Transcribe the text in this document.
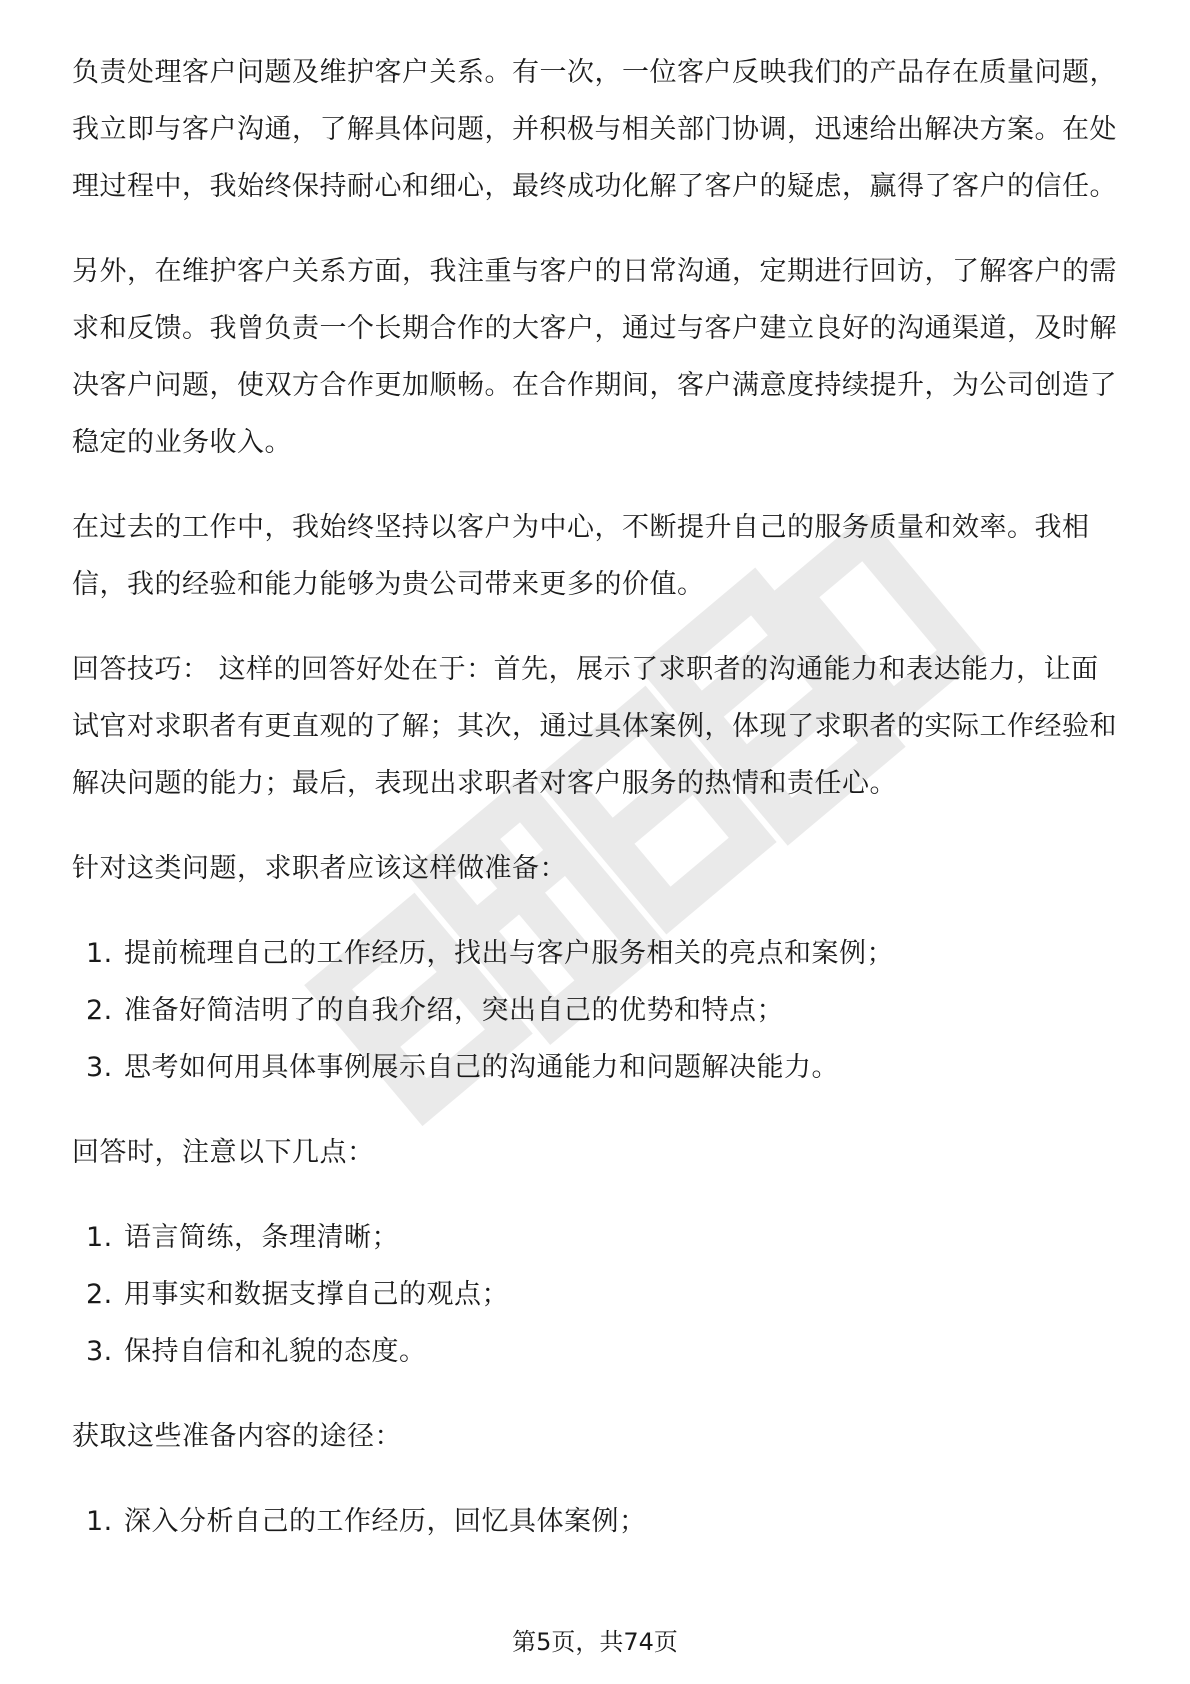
负责处理客户问题及维护客户关系。有一次，一位客户反映我们的产品存在质量问题，我立即与客户沟通，了解具体问题，并积极与相关部门协调，迅速给出解决方案。在处理过程中，我始终保持耐心和细心，最终成功化解了客户的疑虑，赢得了客户的信任。

另外，在维护客户关系方面，我注重与客户的日常沟通，定期进行回访，了解客户的需求和反馈。我曾负责一个长期合作的大客户，通过与客户建立良好的沟通渠道，及时解决客户问题，使双方合作更加顺畅。在合作期间，客户满意度持续提升，为公司创造了稳定的业务收入。

在过去的工作中，我始终坚持以客户为中心，不断提升自己的服务质量和效率。我相信，我的经验和能力能够为贵公司带来更多的价值。

回答技巧： 这样的回答好处在于：首先，展示了求职者的沟通能力和表达能力，让面试官对求职者有更直观的了解；其次，通过具体案例，体现了求职者的实际工作经验和解决问题的能力；最后，表现出求职者对客户服务的热情和责任心。

针对这类问题，求职者应该这样做准备：

1. 提前梳理自己的工作经历，找出与客户服务相关的亮点和案例；
2. 准备好简洁明了的自我介绍，突出自己的优势和特点；
3. 思考如何用具体事例展示自己的沟通能力和问题解决能力。

回答时，注意以下几点：

1. 语言简练，条理清晰；
2. 用事实和数据支撑自己的观点；
3. 保持自信和礼貌的态度。

获取这些准备内容的途径：

1. 深入分析自己的工作经历，回忆具体案例；
第5页，共74页
